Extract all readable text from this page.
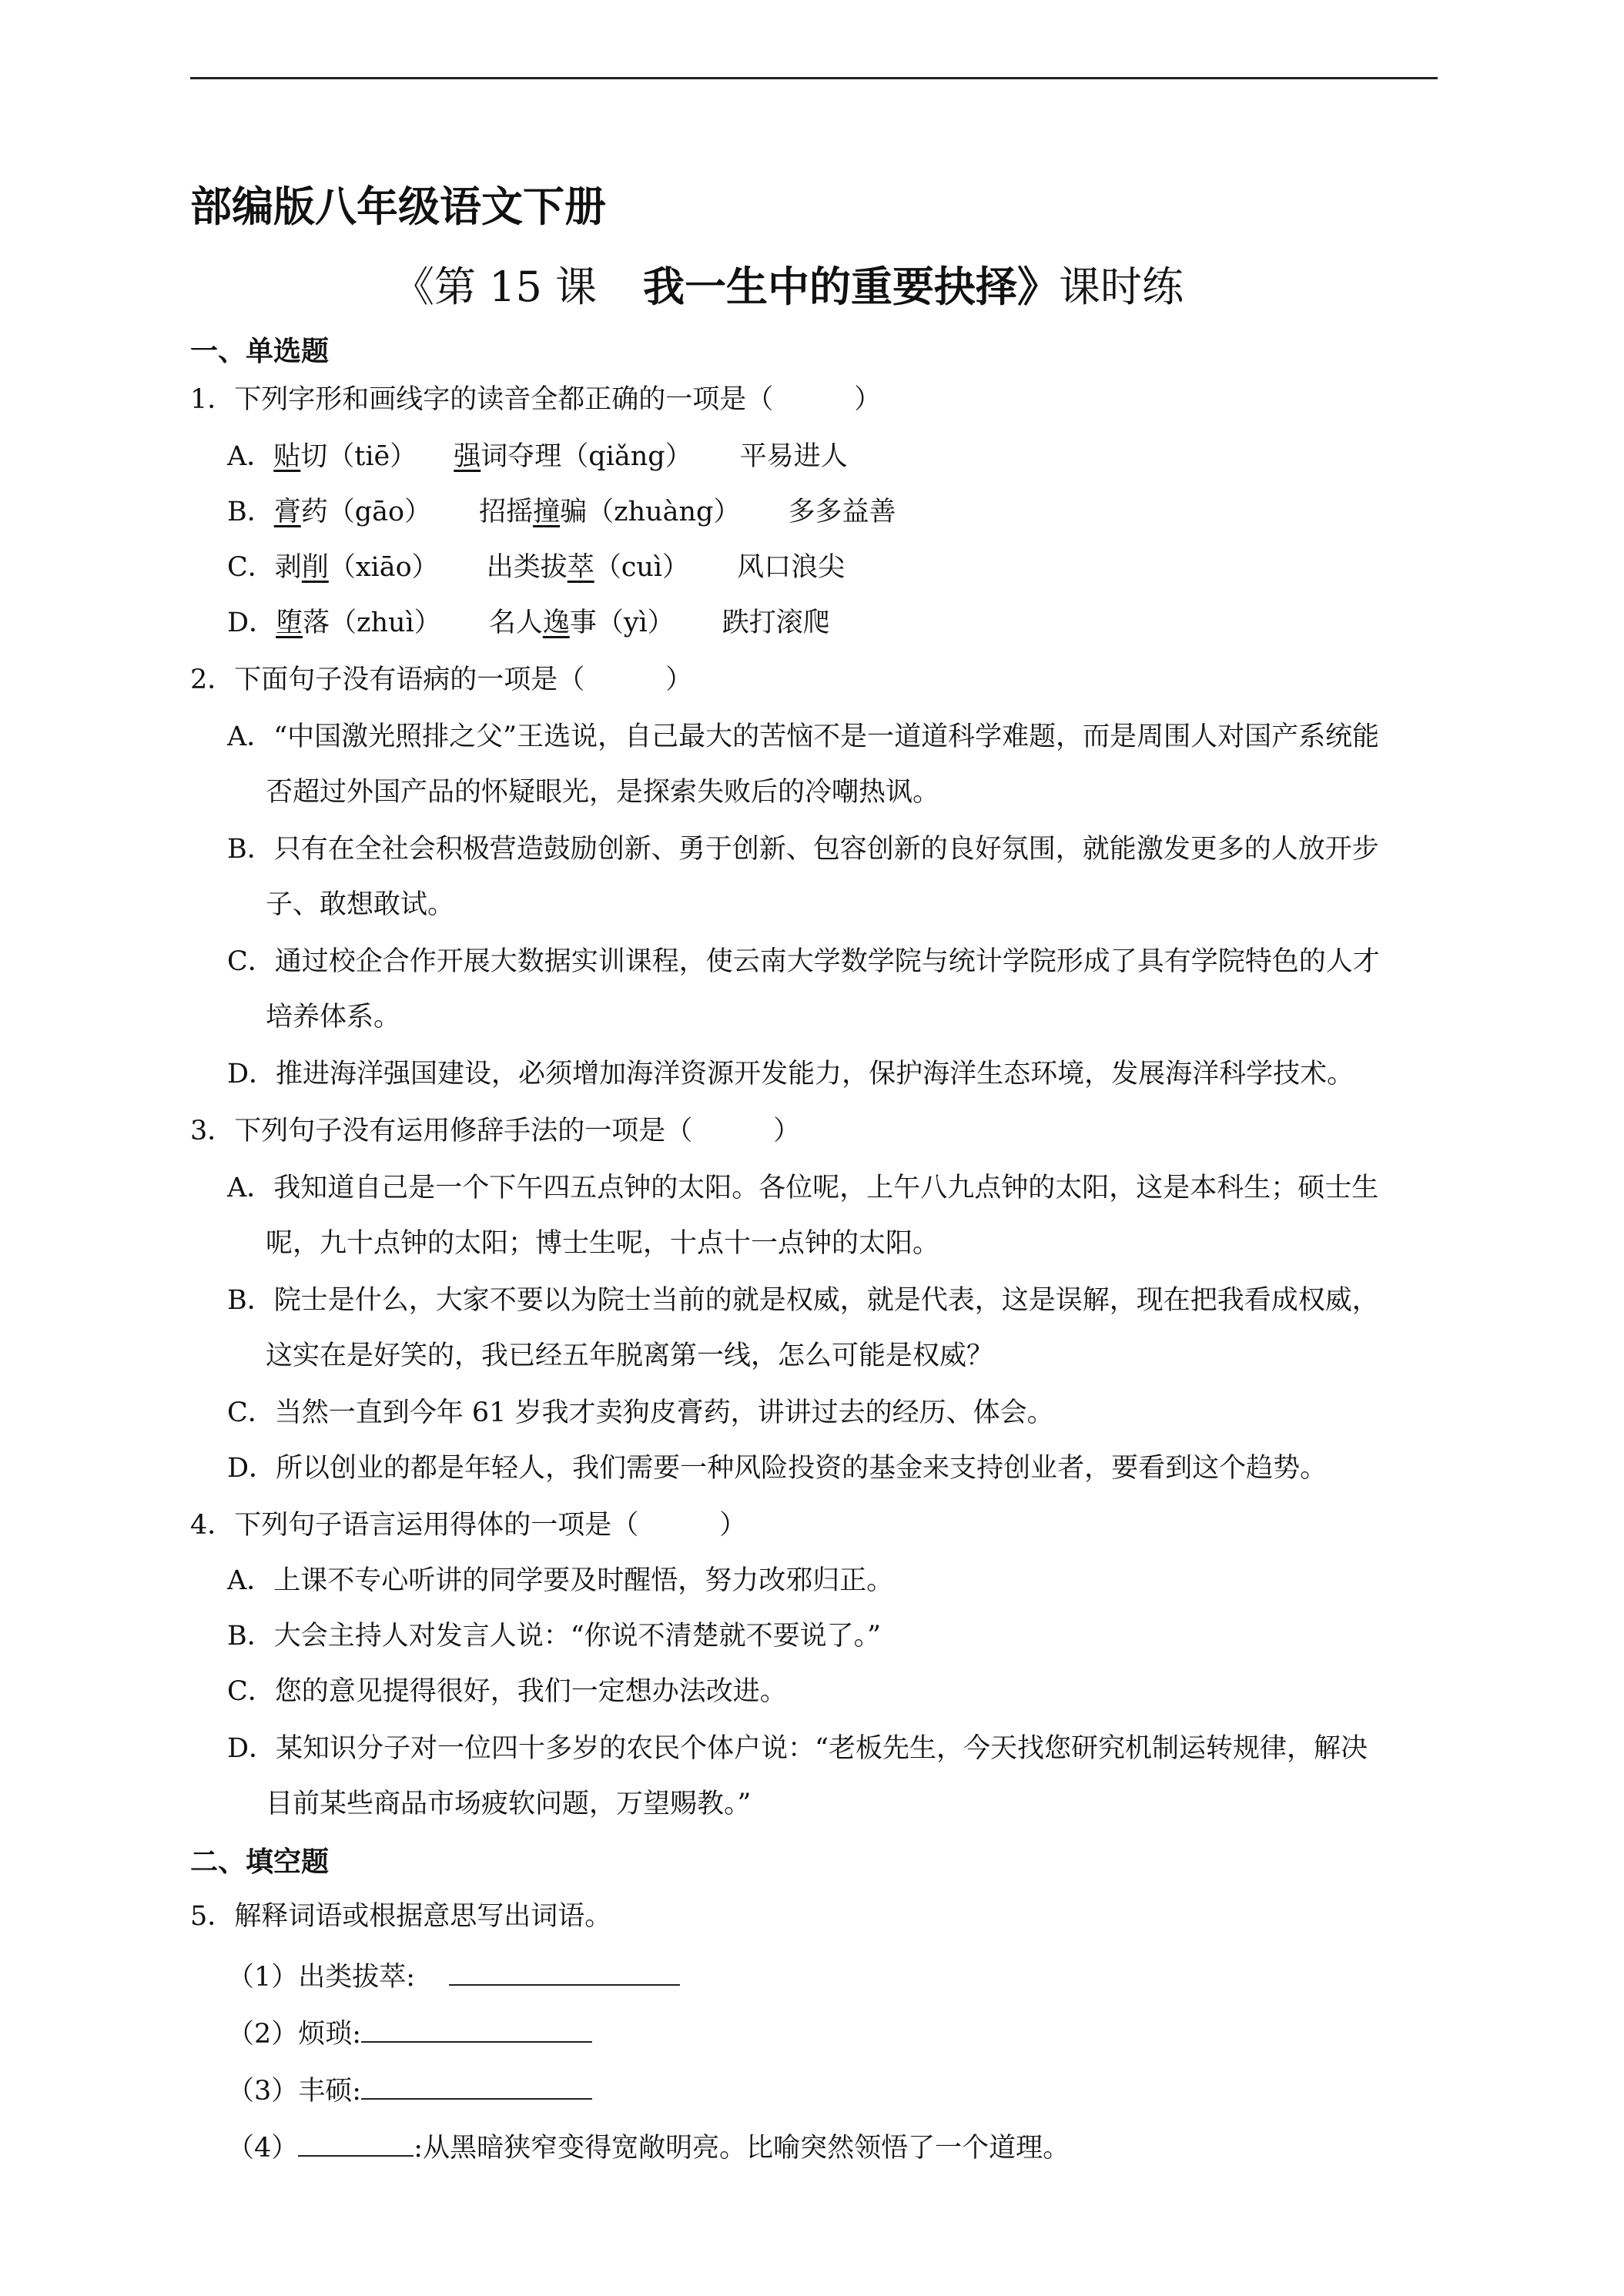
部编版八年级语文下册
《第 15 课 我一生中的重要抉择》课时练
一、单选题
1．下列字形和画线字的读音全都正确的一项是（　　　）
A．贴切（tiē） 强词夺理（qiǎng） 平易进人
B．膏药（gāo） 招摇撞骗（zhuàng） 多多益善
C．剥削（xiāo） 出类拔萃（cuì） 风口浪尖
D．堕落（zhuì） 名人逸事（yì） 跌打滚爬
2．下面句子没有语病的一项是（　　　）
A．“中国激光照排之父”王选说，自己最大的苦恼不是一道道科学难题，而是周围人对国产系统能
否超过外国产品的怀疑眼光，是探索失败后的冷嘲热讽。
B．只有在全社会积极营造鼓励创新、勇于创新、包容创新的良好氛围，就能激发更多的人放开步
子、敢想敢试。
C．通过校企合作开展大数据实训课程，使云南大学数学院与统计学院形成了具有学院特色的人才
培养体系。
D．推进海洋强国建设，必须增加海洋资源开发能力，保护海洋生态环境，发展海洋科学技术。
3．下列句子没有运用修辞手法的一项是（　　　）
A．我知道自己是一个下午四五点钟的太阳。各位呢，上午八九点钟的太阳，这是本科生；硕士生
呢，九十点钟的太阳；博士生呢，十点十一点钟的太阳。
B．院士是什么，大家不要以为院士当前的就是权威，就是代表，这是误解，现在把我看成权威，
这实在是好笑的，我已经五年脱离第一线，怎么可能是权威？
C．当然一直到今年 61 岁我才卖狗皮膏药，讲讲过去的经历、体会。
D．所以创业的都是年轻人，我们需要一种风险投资的基金来支持创业者，要看到这个趋势。
4．下列句子语言运用得体的一项是（　　　）
A．上课不专心听讲的同学要及时醒悟，努力改邪归正。
B．大会主持人对发言人说：“你说不清楚就不要说了。”
C．您的意见提得很好，我们一定想办法改进。
D．某知识分子对一位四十多岁的农民个体户说：“老板先生，今天找您研究机制运转规律，解决
目前某些商品市场疲软问题，万望赐教。”
二、填空题
5．解释词语或根据意思写出词语。
（1）出类拔萃:
（2）烦琐:
（3）丰硕:
（4）	:从黑暗狭窄变得宽敞明亮。比喻突然领悟了一个道理。
